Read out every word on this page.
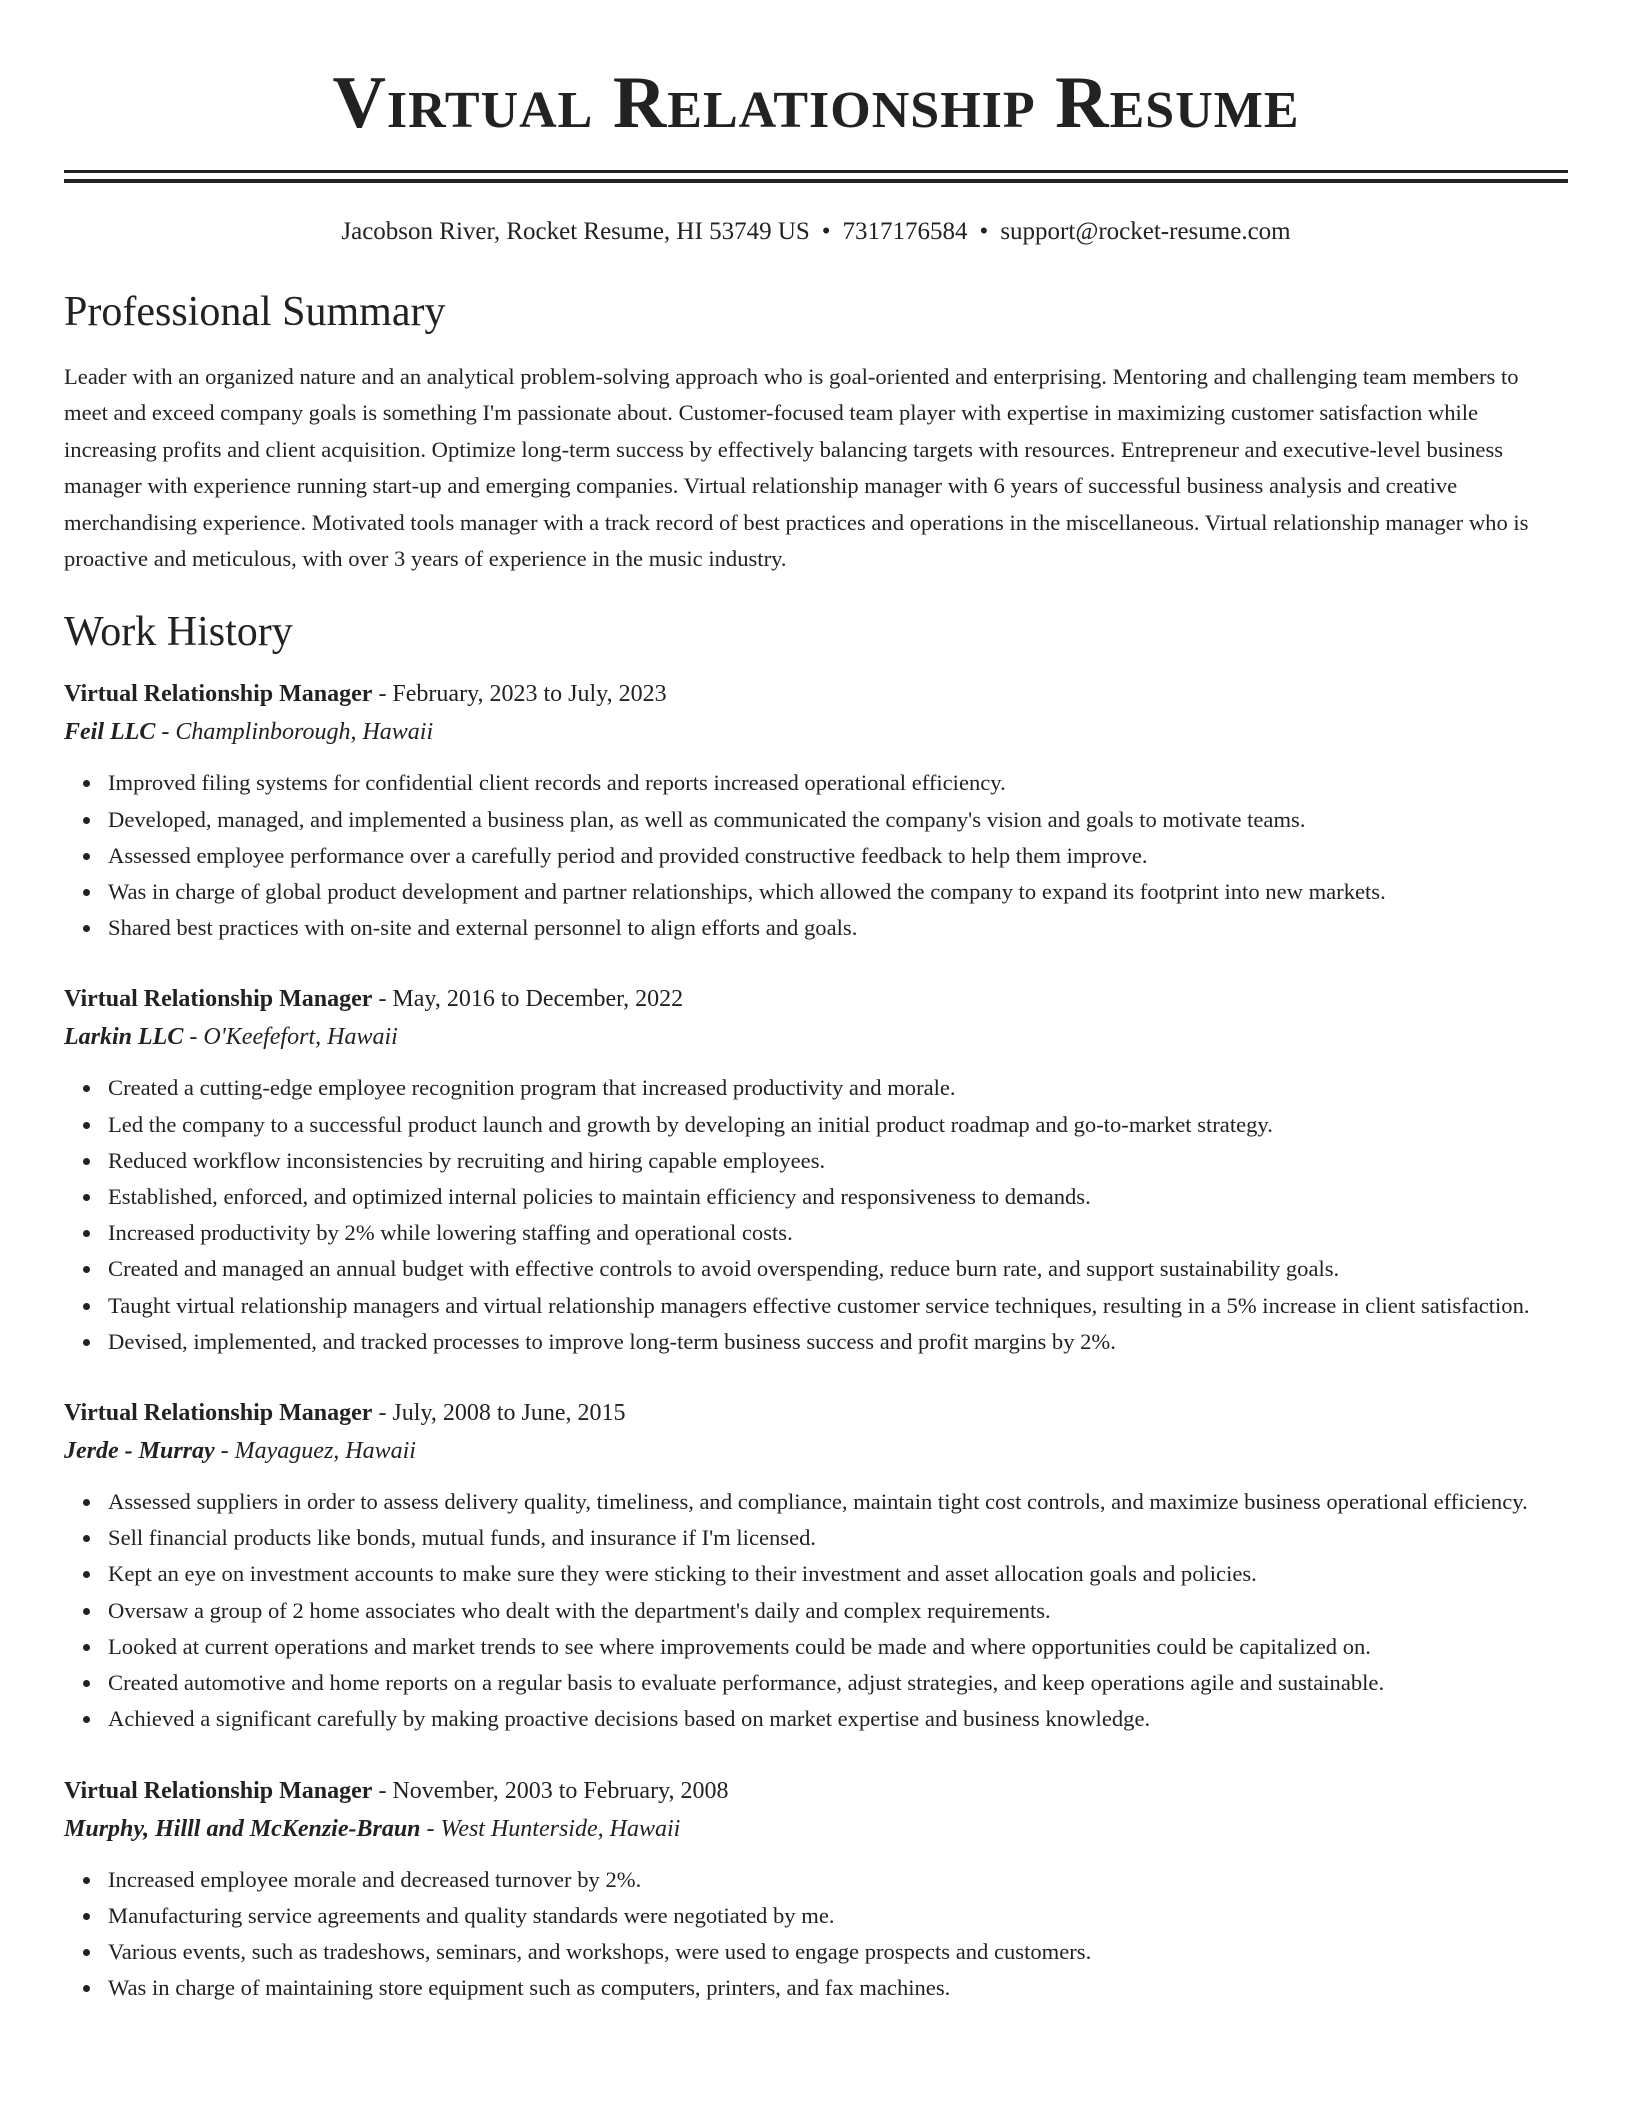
Virtual Relationship Resume
Jacobson River, Rocket Resume, HI 53749 US • 7317176584 • support@rocket-resume.com
Professional Summary
Leader with an organized nature and an analytical problem-solving approach who is goal-oriented and enterprising. Mentoring and challenging team members to meet and exceed company goals is something I'm passionate about. Customer-focused team player with expertise in maximizing customer satisfaction while increasing profits and client acquisition. Optimize long-term success by effectively balancing targets with resources. Entrepreneur and executive-level business manager with experience running start-up and emerging companies. Virtual relationship manager with 6 years of successful business analysis and creative merchandising experience. Motivated tools manager with a track record of best practices and operations in the miscellaneous. Virtual relationship manager who is proactive and meticulous, with over 3 years of experience in the music industry.
Work History
Virtual Relationship Manager - February, 2023 to July, 2023
Feil LLC - Champlinborough, Hawaii
Improved filing systems for confidential client records and reports increased operational efficiency.
Developed, managed, and implemented a business plan, as well as communicated the company's vision and goals to motivate teams.
Assessed employee performance over a carefully period and provided constructive feedback to help them improve.
Was in charge of global product development and partner relationships, which allowed the company to expand its footprint into new markets.
Shared best practices with on-site and external personnel to align efforts and goals.
Virtual Relationship Manager - May, 2016 to December, 2022
Larkin LLC - O'Keefefort, Hawaii
Created a cutting-edge employee recognition program that increased productivity and morale.
Led the company to a successful product launch and growth by developing an initial product roadmap and go-to-market strategy.
Reduced workflow inconsistencies by recruiting and hiring capable employees.
Established, enforced, and optimized internal policies to maintain efficiency and responsiveness to demands.
Increased productivity by 2% while lowering staffing and operational costs.
Created and managed an annual budget with effective controls to avoid overspending, reduce burn rate, and support sustainability goals.
Taught virtual relationship managers and virtual relationship managers effective customer service techniques, resulting in a 5% increase in client satisfaction.
Devised, implemented, and tracked processes to improve long-term business success and profit margins by 2%.
Virtual Relationship Manager - July, 2008 to June, 2015
Jerde - Murray - Mayaguez, Hawaii
Assessed suppliers in order to assess delivery quality, timeliness, and compliance, maintain tight cost controls, and maximize business operational efficiency.
Sell financial products like bonds, mutual funds, and insurance if I'm licensed.
Kept an eye on investment accounts to make sure they were sticking to their investment and asset allocation goals and policies.
Oversaw a group of 2 home associates who dealt with the department's daily and complex requirements.
Looked at current operations and market trends to see where improvements could be made and where opportunities could be capitalized on.
Created automotive and home reports on a regular basis to evaluate performance, adjust strategies, and keep operations agile and sustainable.
Achieved a significant carefully by making proactive decisions based on market expertise and business knowledge.
Virtual Relationship Manager - November, 2003 to February, 2008
Murphy, Hilll and McKenzie-Braun - West Hunterside, Hawaii
Increased employee morale and decreased turnover by 2%.
Manufacturing service agreements and quality standards were negotiated by me.
Various events, such as tradeshows, seminars, and workshops, were used to engage prospects and customers.
Was in charge of maintaining store equipment such as computers, printers, and fax machines.
